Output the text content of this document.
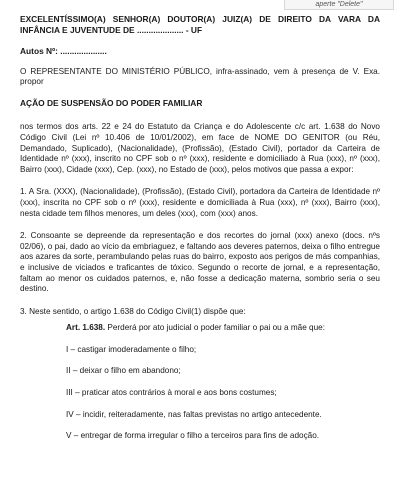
aperte "Delete"
EXCELENTÍSSIMO(A) SENHOR(A) DOUTOR(A) JUIZ(A) DE DIREITO DA VARA DA INFÂNCIA E JUVENTUDE DE .................... - UF
Autos Nº: ....................
O REPRESENTANTE DO MINISTÉRIO PÚBLICO, infra-assinado, vem à presença de V. Exa. propor
AÇÃO DE SUSPENSÃO DO PODER FAMILIAR
nos termos dos arts. 22 e 24 do Estatuto da Criança e do Adolescente c/c art. 1.638 do Novo Código Civil (Lei nº 10.406 de 10/01/2002), em face de NOME DO GENITOR (ou Réu, Demandado, Suplicado), (Nacionalidade), (Profissão), (Estado Civil), portador da Carteira de Identidade nº (xxx), inscrito no CPF sob o nº (xxx), residente e domiciliado à Rua (xxx), nº (xxx), Bairro (xxx), Cidade (xxx), Cep. (xxx), no Estado de (xxx), pelos motivos que passa a expor:
1. A Sra. (XXX), (Nacionalidade), (Profissão), (Estado Civil), portadora da Carteira de Identidade nº (xxx), inscrita no CPF sob o nº (xxx), residente e domiciliada à Rua (xxx), nº (xxx), Bairro (xxx), nesta cidade tem filhos menores, um deles (xxx), com (xxx) anos.
2. Consoante se depreende da representação e dos recortes do jornal (xxx) anexo (docs. nºs 02/06), o pai, dado ao vício da embriaguez, e faltando aos deveres paternos, deixa o filho entregue aos azares da sorte, perambulando pelas ruas do bairro, exposto aos perigos de más companhias, e inclusive de viciados e traficantes de tóxico. Segundo o recorte de jornal, e a representação, faltam ao menor os cuidados paternos, e, não fosse a dedicação materna, sombrio seria o seu destino.
3. Neste sentido, o artigo 1.638 do Código Civil(1) dispõe que:
Art. 1.638. Perderá por ato judicial o poder familiar o pai ou a mãe que:
I – castigar imoderadamente o filho;
II – deixar o filho em abandono;
III – praticar atos contrários à moral e aos bons costumes;
IV – incidir, reiteradamente, nas faltas previstas no artigo antecedente.
V – entregar de forma irregular o filho a terceiros para fins de adoção.
